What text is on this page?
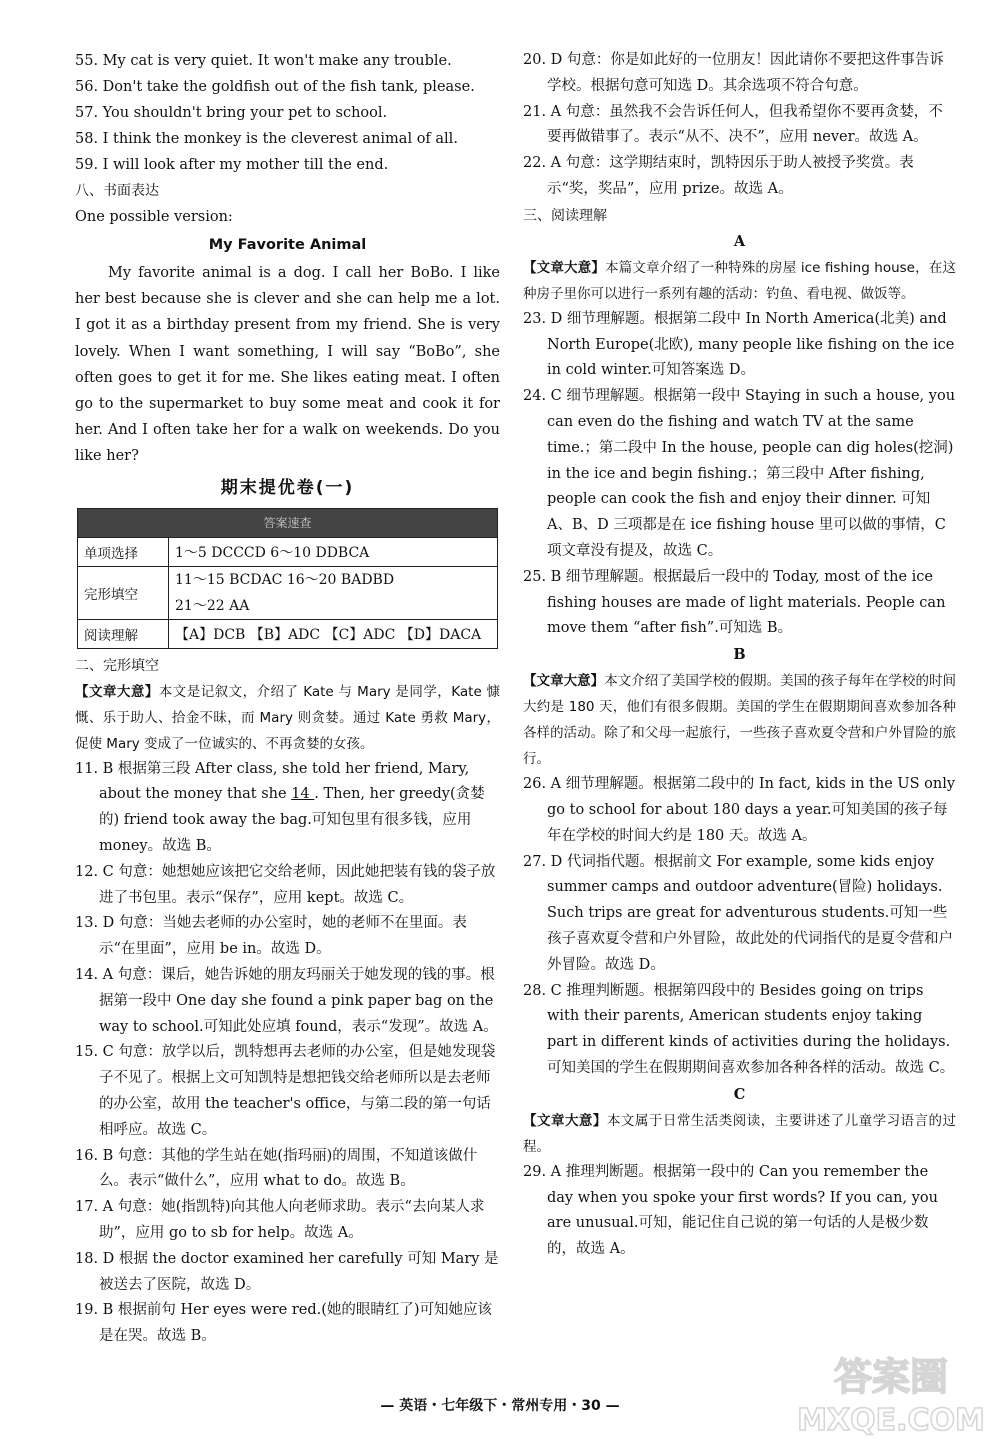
55. My cat is very quiet. It won't make any trouble.

56. Don't take the goldfish out of the fish tank, please.

57. You shouldn't bring your pet to school.

58. I think the monkey is the cleverest animal of all.

59. I will look after my mother till the end.

八、书面表达

One possible version:

My Favorite Animal

My favorite animal is a dog. I call her BoBo. I like her best because she is clever and she can help me a lot. I got it as a birthday present from my friend. She is very lovely. When I want something, I will say “BoBo”, she often goes to get it for me. She likes eating meat. I often go to the supermarket to buy some meat and cook it for her. And I often take her for a walk on weekends. Do you like her?

期末提优卷(一)

答案速查	
单项选择	1～5 DCCCD 6～10 DDBCA
完形填空	11～15 BCDAC 16～20 BADBD
21～22 AA

阅读理解	【A】DCB 【B】ADC 【C】ADC 【D】DACA

二、完形填空

【文章大意】本文是记叙文，介绍了 Kate 与 Mary 是同学，Kate 慷慨、乐于助人、拾金不昧，而 Mary 则贪婪。通过 Kate 勇救 Mary，促使 Mary 变成了一位诚实的、不再贪婪的女孩。

11. B 根据第三段 After class, she told her friend, Mary, about the money that she 14 . Then, her greedy(贪婪的) friend took away the bag.可知包里有很多钱，应用 money。故选 B。

12. C 句意：她想她应该把它交给老师，因此她把装有钱的袋子放进了书包里。表示“保存”，应用 kept。故选 C。

13. D 句意：当她去老师的办公室时，她的老师不在里面。表示“在里面”，应用 be in。故选 D。

14. A 句意：课后，她告诉她的朋友玛丽关于她发现的钱的事。根据第一段中 One day she found a pink paper bag on the way to school.可知此处应填 found，表示“发现”。故选 A。

15. C 句意：放学以后，凯特想再去老师的办公室，但是她发现袋子不见了。根据上文可知凯特是想把钱交给老师所以是去老师的办公室，故用 the teacher's office，与第二段的第一句话相呼应。故选 C。

16. B 句意：其他的学生站在她(指玛丽)的周围，不知道该做什么。表示“做什么”，应用 what to do。故选 B。

17. A 句意：她(指凯特)向其他人向老师求助。表示“去向某人求助”，应用 go to sb for help。故选 A。

18. D 根据 the doctor examined her carefully 可知 Mary 是被送去了医院，故选 D。

19. B 根据前句 Her eyes were red.(她的眼睛红了)可知她应该是在哭。故选 B。

20. D 句意：你是如此好的一位朋友！因此请你不要把这件事告诉学校。根据句意可知选 D。其余选项不符合句意。

21. A 句意：虽然我不会告诉任何人，但我希望你不要再贪婪，不要再做错事了。表示“从不、决不”，应用 never。故选 A。

22. A 句意：这学期结束时，凯特因乐于助人被授予奖赏。表示“奖，奖品”，应用 prize。故选 A。

三、阅读理解

A

【文章大意】本篇文章介绍了一种特殊的房屋 ice fishing house，在这种房子里你可以进行一系列有趣的活动：钓鱼、看电视、做饭等。

23. D 细节理解题。根据第二段中 In North America(北美) and North Europe(北欧), many people like fishing on the ice in cold winter.可知答案选 D。

24. C 细节理解题。根据第一段中 Staying in such a house, you can even do the fishing and watch TV at the same time.；第二段中 In the house, people can dig holes(挖洞) in the ice and begin fishing.；第三段中 After fishing, people can cook the fish and enjoy their dinner. 可知 A、B、D 三项都是在 ice fishing house 里可以做的事情，C 项文章没有提及，故选 C。

25. B 细节理解题。根据最后一段中的 Today, most of the ice fishing houses are made of light materials. People can move them “after fish”.可知选 B。

B

【文章大意】本文介绍了美国学校的假期。美国的孩子每年在学校的时间大约是 180 天，他们有很多假期。美国的学生在假期期间喜欢参加各种各样的活动。除了和父母一起旅行，一些孩子喜欢夏令营和户外冒险的旅行。

26. A 细节理解题。根据第二段中的 In fact, kids in the US only go to school for about 180 days a year.可知美国的孩子每年在学校的时间大约是 180 天。故选 A。

27. D 代词指代题。根据前文 For example, some kids enjoy summer camps and outdoor adventure(冒险) holidays. Such trips are great for adventurous students.可知一些孩子喜欢夏令营和户外冒险，故此处的代词指代的是夏令营和户外冒险。故选 D。

28. C 推理判断题。根据第四段中的 Besides going on trips with their parents, American students enjoy taking part in different kinds of activities during the holidays.可知美国的学生在假期期间喜欢参加各种各样的活动。故选 C。

C

【文章大意】本文属于日常生活类阅读，主要讲述了儿童学习语言的过程。

29. A 推理判断题。根据第一段中的 Can you remember the day when you spoke your first words? If you can, you are unusual.可知，能记住自己说的第一句话的人是极少数的，故选 A。

— 英语・七年级下・常州专用・30 —
答案圈
MXQE.COM
